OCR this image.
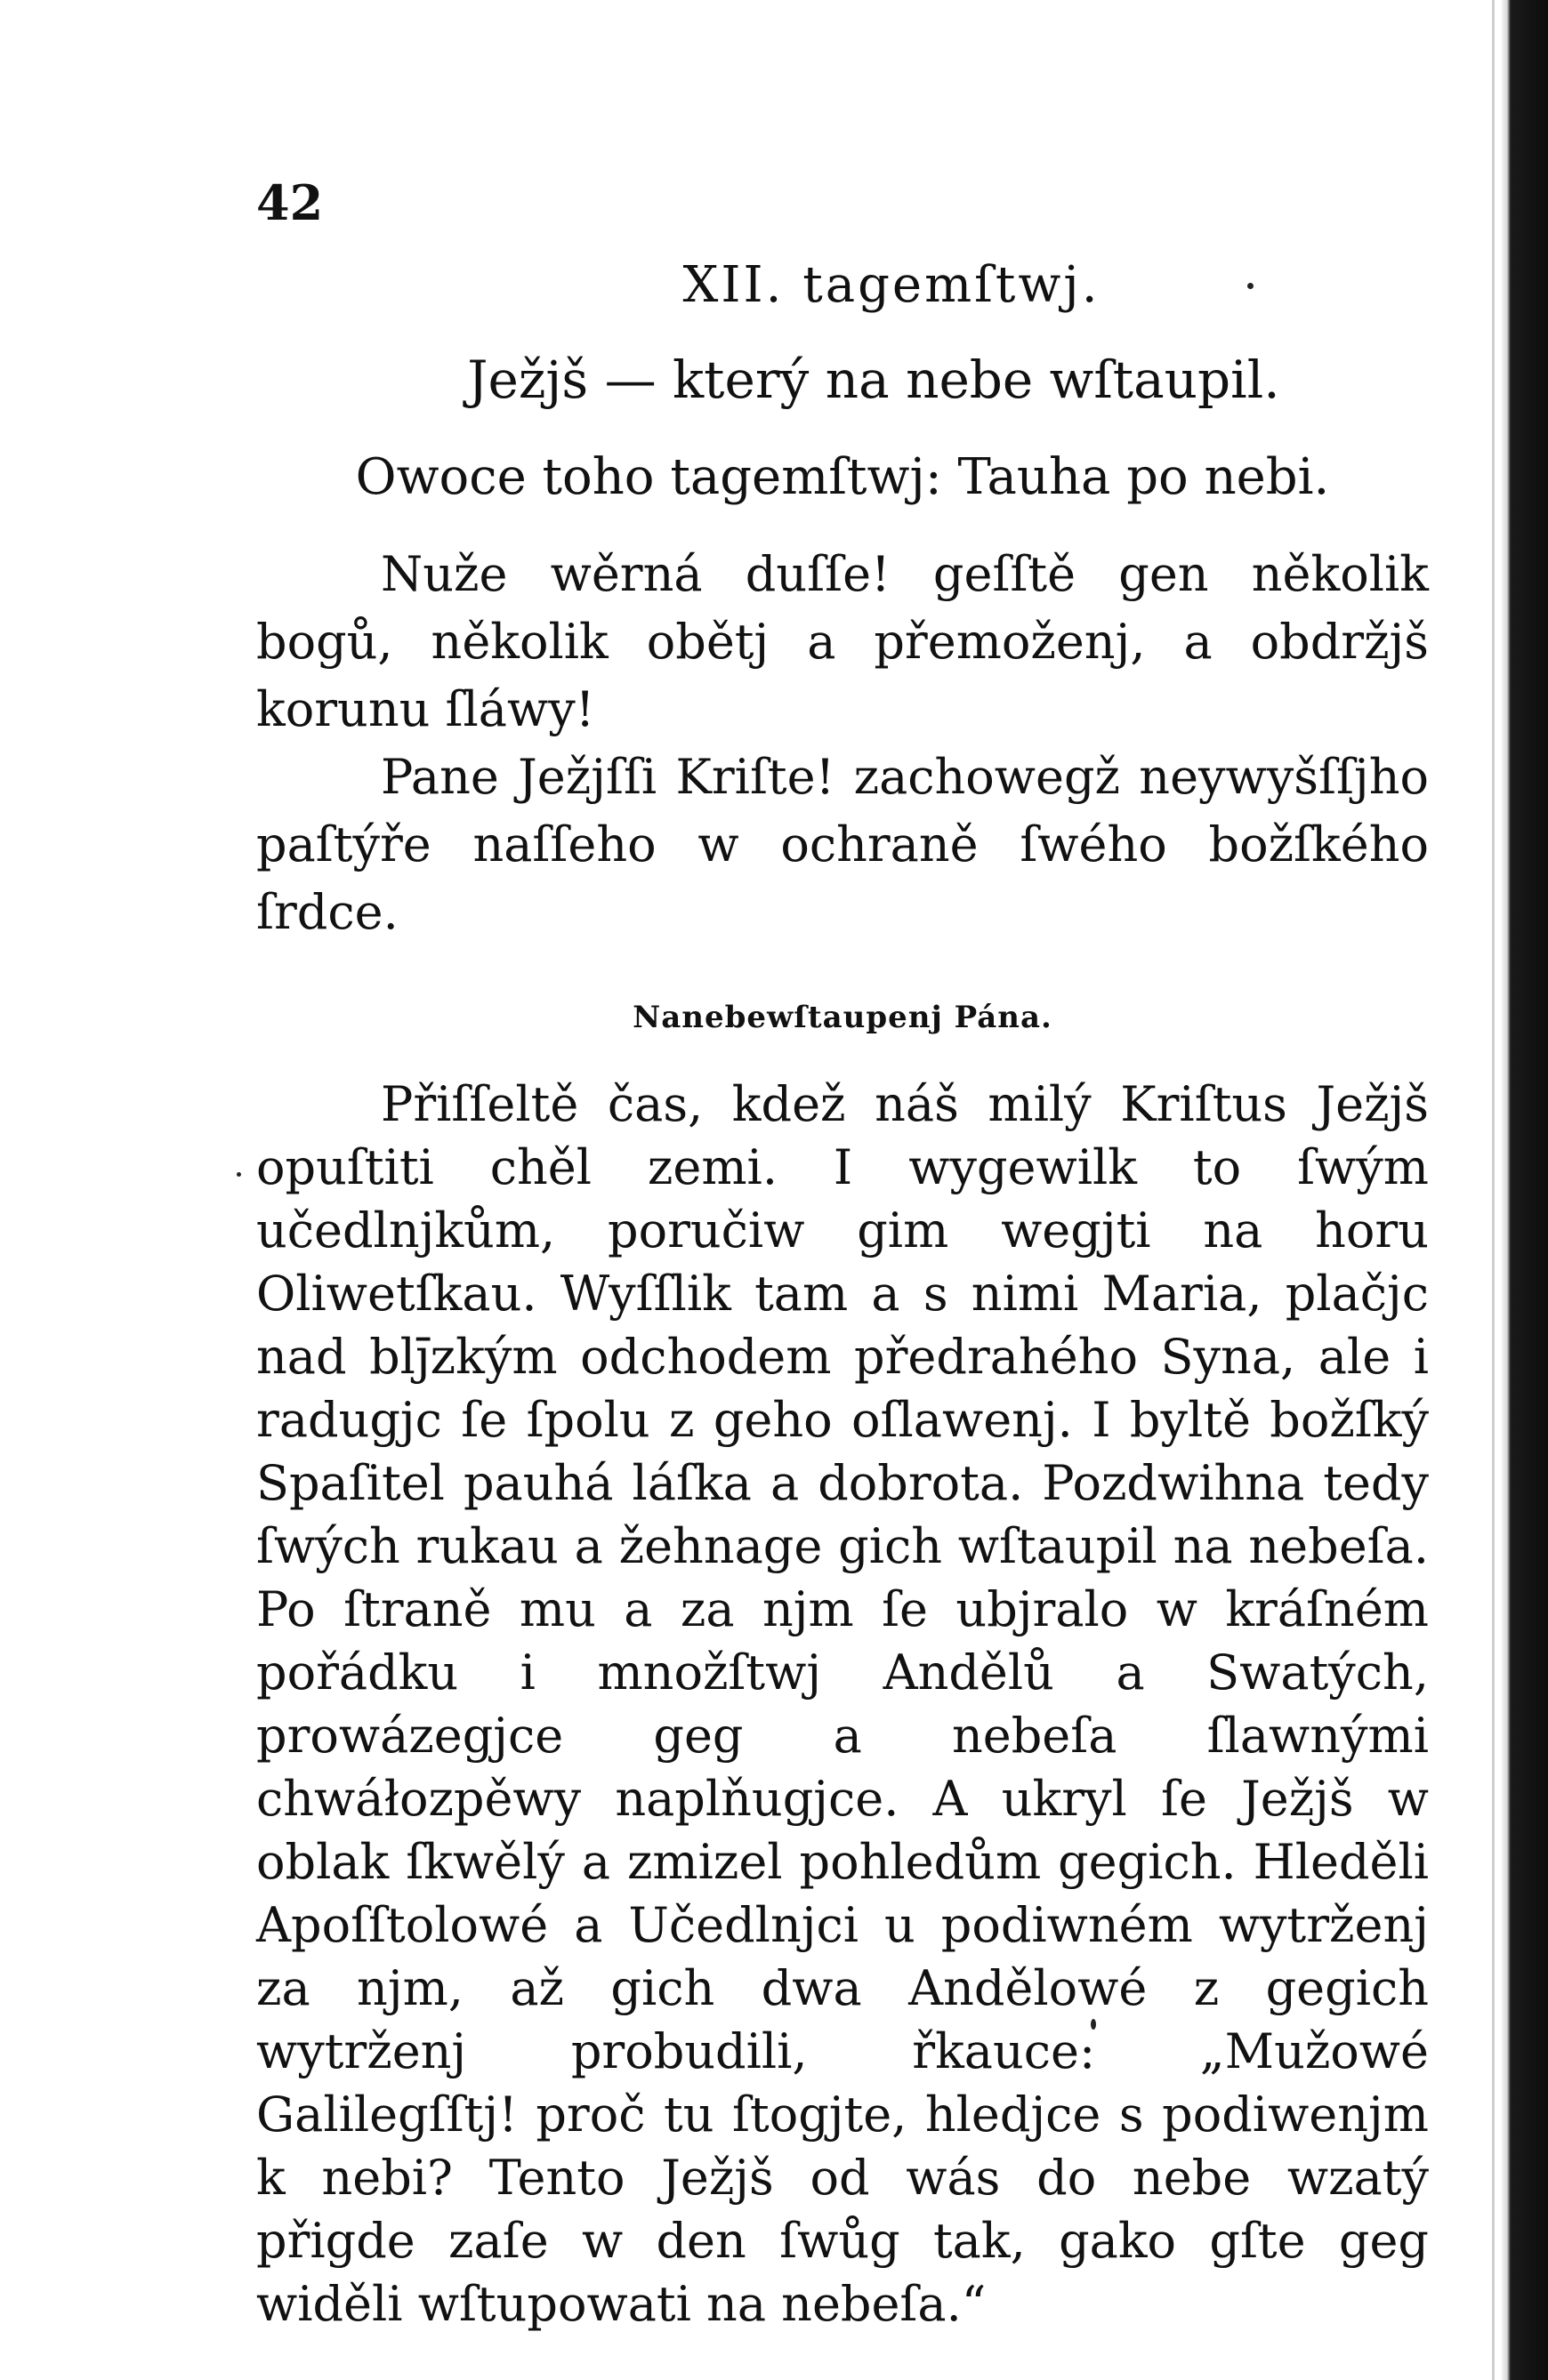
42
XII. tagemſtwj.
Ježjš — který na nebe wſtaupil.
Owoce toho tagemſtwj: Tauha po nebi.

Nuže wěrná duſſe! geſſtě gen několik bogů, několik obětj a přemoženj, a obdržjš korunu ſláwy!

Pane Ježjſſi Kriſte! zachowegž neywyšſſjho paſtýře naſſeho w ochraně ſwého božſkého ſrdce.

Nanebewſtaupenj Pána.

Přiſſeltě čas, kdež náš milý Kriſtus Ježjš opuſtiti chěl zemi. I wygewilk to ſwým učedlnjkům, poručiw gim wegjti na horu Oliwetſkau. Wyſſlik tam a s nimi Maria, plačjc nad blj̄zkým odchodem předrahého Syna, ale i radugjc ſe ſpolu z geho oſlawenj. I byltě božſký Spaſitel pauhá láſka a dobrota. Pozdwihna tedy ſwých rukau a žehnage gich wſtaupil na nebeſa. Po ſtraně mu a za njm ſe ubjralo w kráſném pořádku i množſtwj Andělů a Swatých, prowázegjce geg a nebeſa ſlawnými chwáłozpěwy naplňugjce. A ukryl ſe Ježjš w oblak ſkwělý a zmizel pohledům gegich. Hleděli Apoſſtolowé a Učedlnjci u podiwném wytrženj za njm, až gich dwa Andělowé z gegich wytrženj probudili, řkauce: „Mužowé Galilegſſtj! proč tu ſtogjte, hledjce s podiwenjm k nebi? Tento Ježjš od wás do nebe wzatý přigde zaſe w den ſwůg tak, gako gſte geg widěli wſtupowati na nebeſa.“
